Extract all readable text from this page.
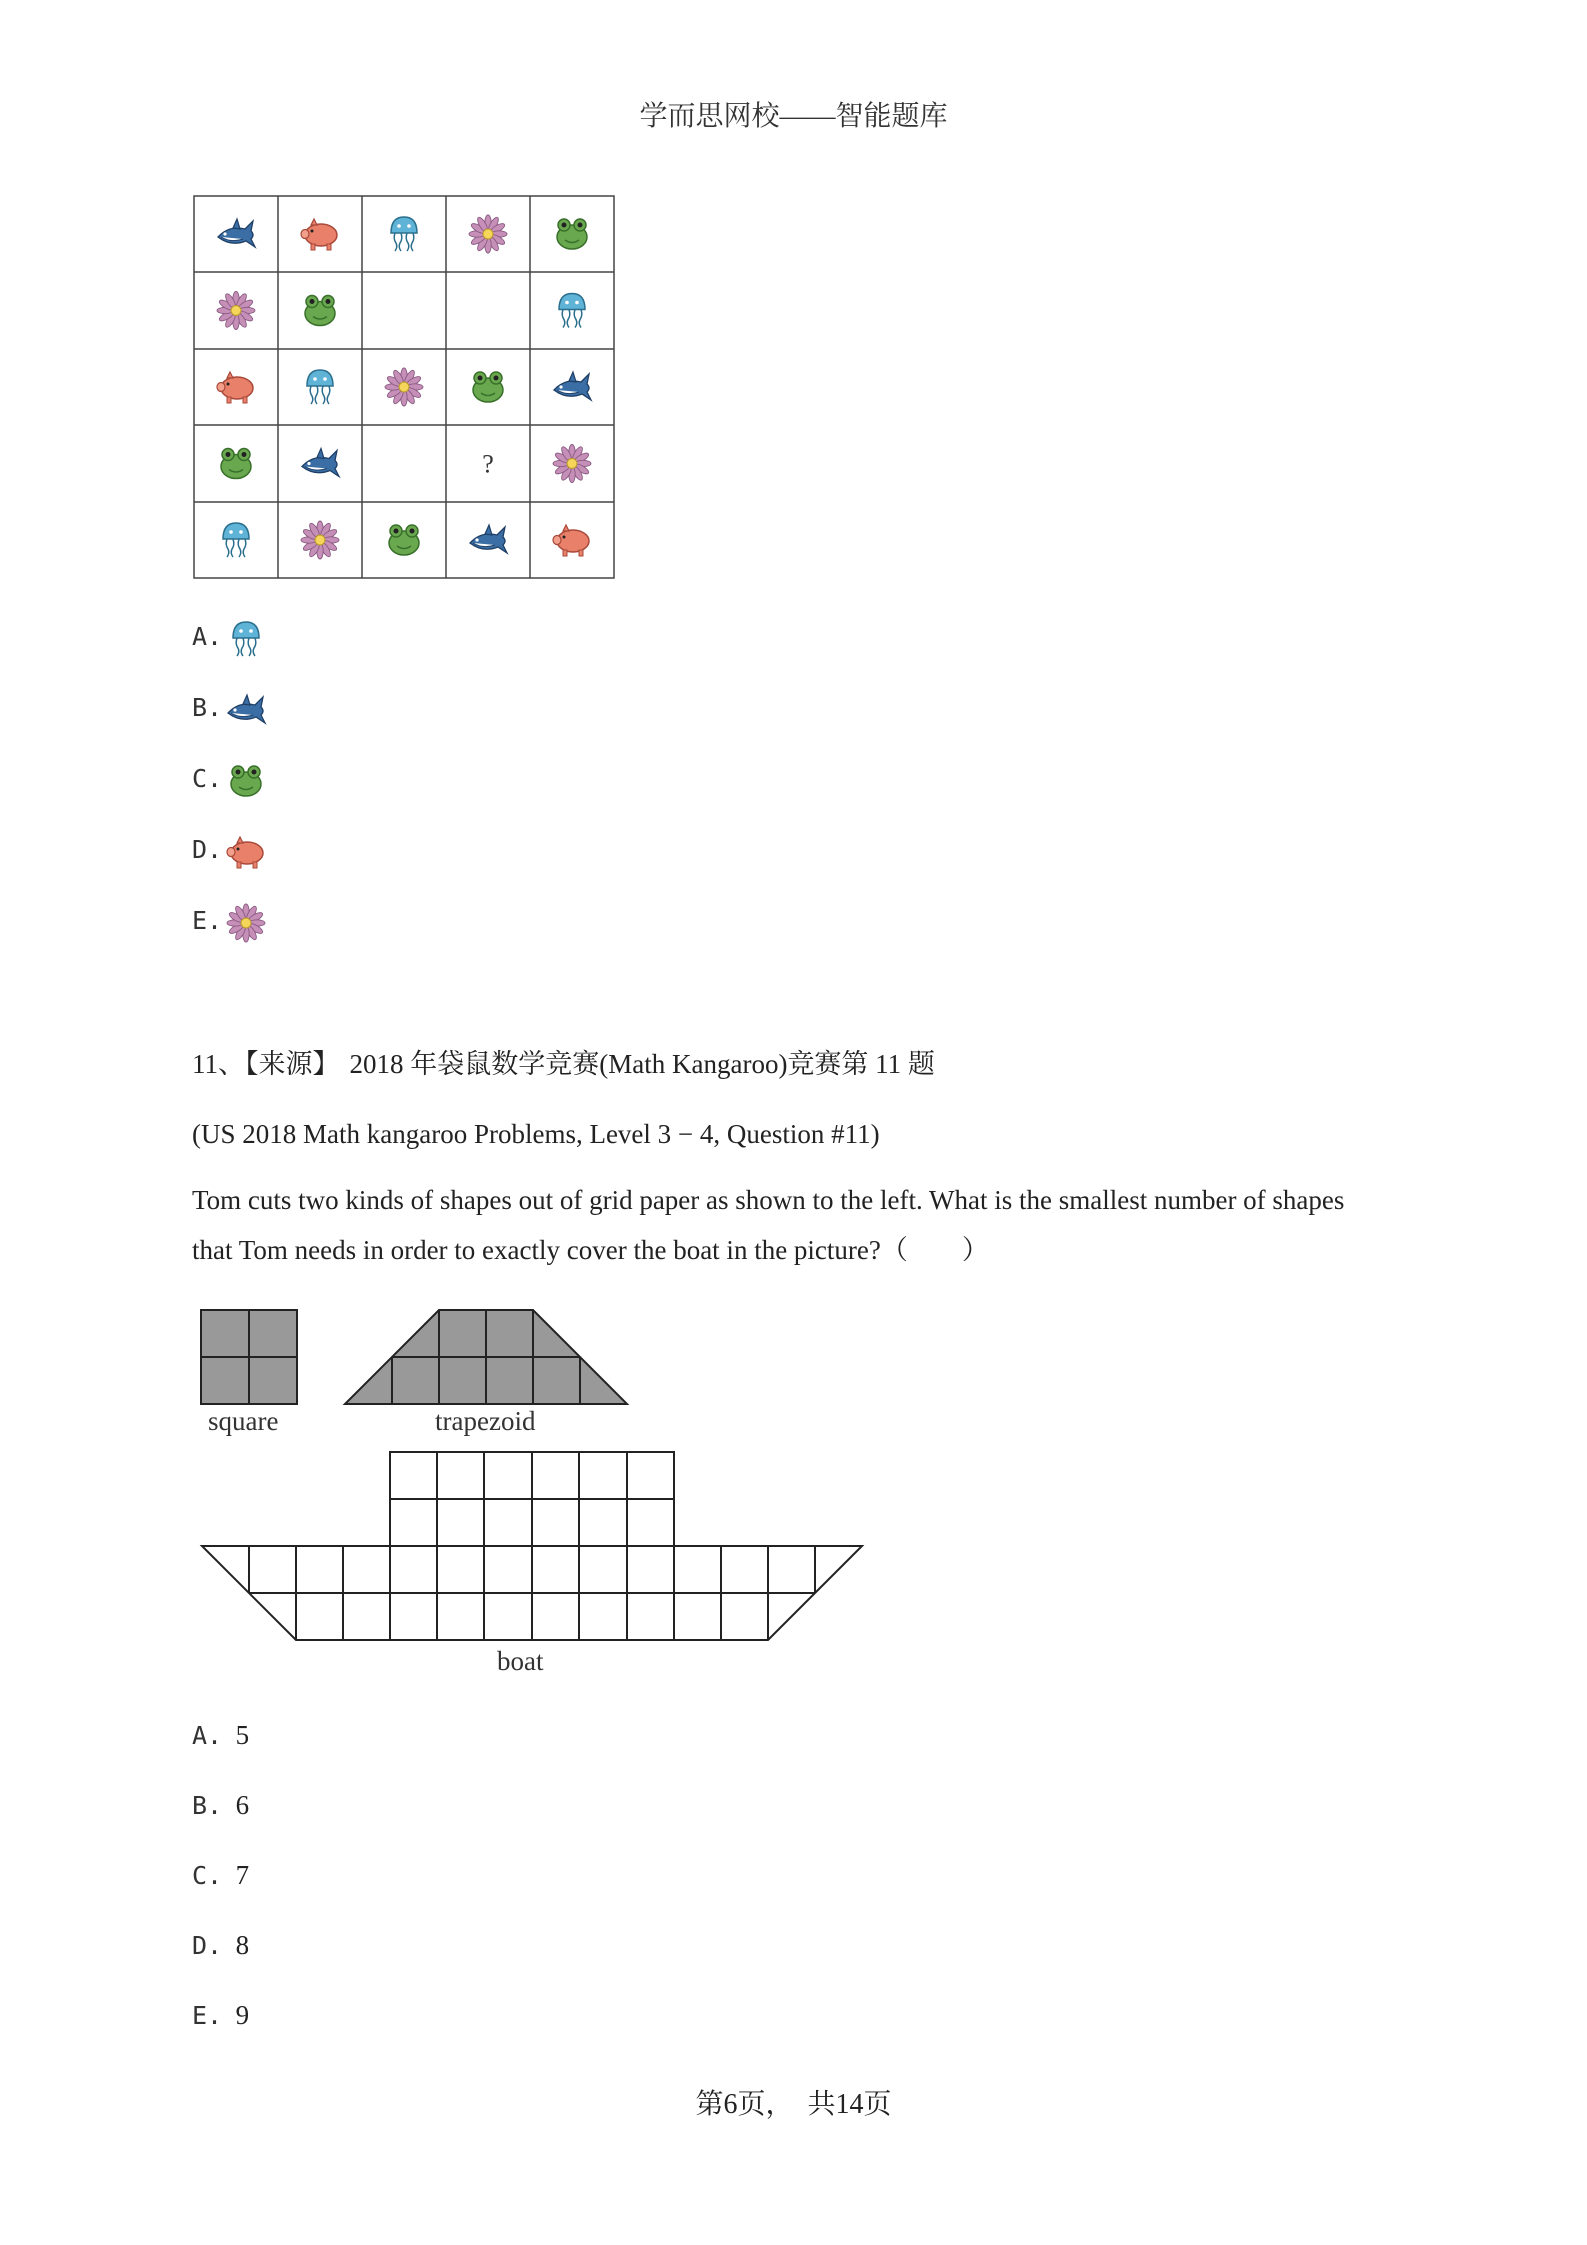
学而思网校——智能题库
?
A.
B.
C.
D.
E.
11、【来源】 2018 年袋鼠数学竞赛(Math Kangaroo)竞赛第 11 题
(US 2018 Math kangaroo Problems, Level 3 − 4, Question #11)
Tom cuts two kinds of shapes out of grid paper as shown to the left. What is the smallest number of shapes
that Tom needs in order to exactly cover the boat in the picture?（　　）
square	trapezoid
boat
A. 5
B. 6
C. 7
D. 8
E. 9
第6页，　共14页
